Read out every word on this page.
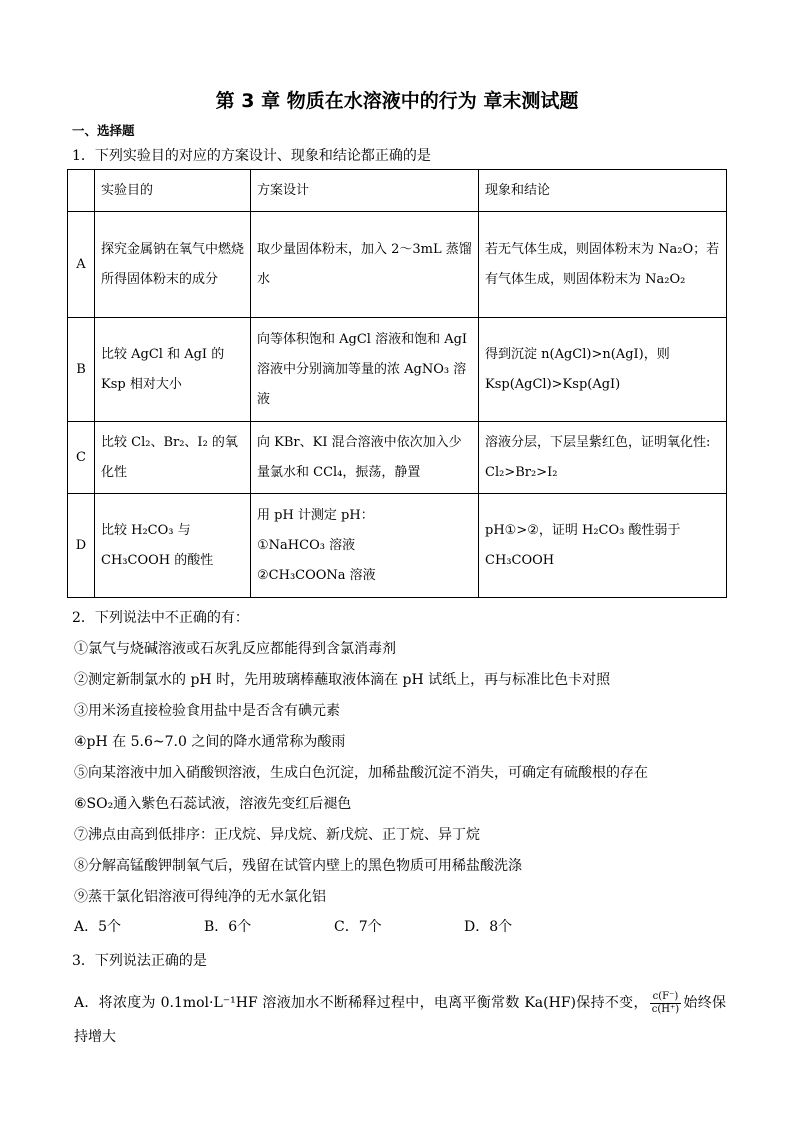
第 3 章 物质在水溶液中的行为 章末测试题
一、选择题
1．下列实验目的对应的方案设计、现象和结论都正确的是
	实验目的	方案设计	现象和结论
A	探究金属钠在氧气中燃烧所得固体粉末的成分	取少量固体粉末，加入 2～3mL 蒸馏水	若无气体生成，则固体粉末为 Na₂O；若有气体生成，则固体粉末为 Na₂O₂
B	比较 AgCl 和 AgI 的 Ksp 相对大小	向等体积饱和 AgCl 溶液和饱和 AgI 溶液中分别滴加等量的浓 AgNO₃ 溶液	得到沉淀 n(AgCl)>n(AgI)，则 Ksp(AgCl)>Ksp(AgI)
C	比较 Cl₂、Br₂、I₂ 的氧化性	向 KBr、KI 混合溶液中依次加入少量氯水和 CCl₄，振荡，静置	溶液分层，下层呈紫红色，证明氧化性: Cl₂>Br₂>I₂
D	比较 H₂CO₃ 与 CH₃COOH 的酸性	用 pH 计测定 pH：
①NaHCO₃ 溶液
②CH₃COONa 溶液	pH①>②，证明 H₂CO₃ 酸性弱于 CH₃COOH
2．下列说法中不正确的有：
①氯气与烧碱溶液或石灰乳反应都能得到含氯消毒剂
②测定新制氯水的 pH 时，先用玻璃棒蘸取液体滴在 pH 试纸上，再与标准比色卡对照
③用米汤直接检验食用盐中是否含有碘元素
④pH 在 5.6~7.0 之间的降水通常称为酸雨
⑤向某溶液中加入硝酸钡溶液，生成白色沉淀，加稀盐酸沉淀不消失，可确定有硫酸根的存在
⑥SO₂通入紫色石蕊试液，溶液先变红后褪色
⑦沸点由高到低排序：正戊烷、异戊烷、新戊烷、正丁烷、异丁烷
⑧分解高锰酸钾制氧气后，残留在试管内壁上的黑色物质可用稀盐酸洗涤
⑨蒸干氯化铝溶液可得纯净的无水氯化铝
A．5个	B．6个	C．7个	D．8个
3．下列说法正确的是
A．将浓度为 0.1mol·L⁻¹HF 溶液加水不断稀释过程中，电离平衡常数 Ka(HF)保持不变， $\frac{c(F^-)}{c(H^+)}$ 始终保持增大
